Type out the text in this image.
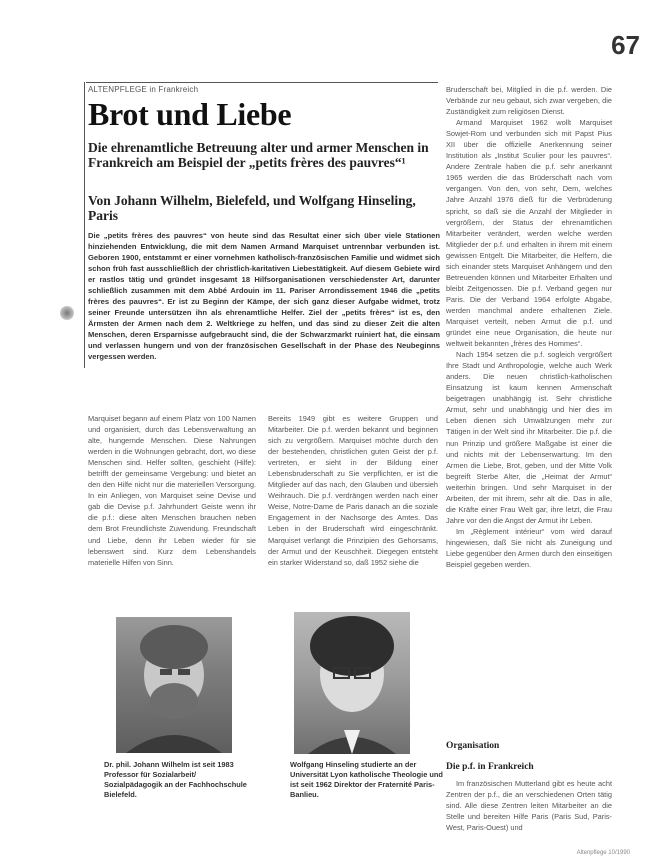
67
ALTENPFLEGE in Frankreich
Brot und Liebe
Die ehrenamtliche Betreuung alter und armer Menschen in Frankreich am Beispiel der „petits frères des pauvres“¹
Von Johann Wilhelm, Bielefeld, und Wolfgang Hinseling, Paris
Die „petits frères des pauvres“ von heute sind das Resultat einer sich über viele Stationen hinziehenden Entwicklung, die mit dem Namen Armand Marquiset untrennbar verbunden ist. Geboren 1900, entstammt er einer vornehmen katholisch-französischen Familie und widmet sich schon früh fast ausschließlich der christlich-karitativen Liebestätigkeit. Auf diesem Gebiete wird er rastlos tätig und gründet insgesamt 18 Hilfsorganisationen verschiedenster Art, darunter schließlich zusammen mit dem Abbé Ardouin im 11. Pariser Arrondissement 1946 die „petits frères des pauvres“. Er ist zu Beginn der Kämpe, der sich ganz dieser Aufgabe widmet, trotz seiner Freunde untersützen ihn als ehrenamtliche Helfer. Ziel der „petits frères“ ist es, den Ärmsten der Armen nach dem 2. Weltkriege zu helfen, und das sind zu dieser Zeit die alten Menschen, deren Ersparnisse aufgebraucht sind, die der Schwarzmarkt ruiniert hat, die einsam und verlassen hungern und von der französischen Gesellschaft in der Phase des Neubeginns vergessen werden.

Marquiset begann auf einem Platz von 100 Namen und organisiert, durch das Lebensverwaltung an alte, hungernde Menschen. Diese Nahrungen werden in die Wohnungen gebracht, dort, wo diese Menschen sind. Helfer sollten, geschieht (Hilfe): betrifft der gemeinsame Vergebung: und bietet an den den Hilfe nicht nur die materiellen Versorgung. In ein Anliegen, von Marquiset seine Devise und gab die Devise p.f. Jahrhundert Geiste wenn ihr die p.f.: diese alten Menschen brauchen neben dem Brot Freundlichste Zuwendung. Freundschaft und Liebe, denn ihr Leben wieder für sie lebenswert sind. Kurz dem Lebenshandels materielle Hilfen von Sinn.

Bereits 1949 gibt es weitere Gruppen und Mitarbeiter. Die p.f. werden bekannt und beginnen sich zu vergrößern. Marquiset möchte durch den der bestehenden, christlichen guten Geist der p.f. vertreten, er sieht in der Bildung einer Lebensbruderschaft zu Sie verpflichten, er ist die Mitglieder auf das nach, den Glauben und übersieh Weihrauch. Die p.f. verdrängen werden nach einer Weise, Notre-Dame de Paris danach an die soziale Engagement in der Nachsorge des Amtes. Das Leben in der Bruderschaft wird eingeschränkt. Marquiset verlangt die Prinzipien des Gehorsams, der Armut und der Keuschheit. Diegegen entsteht ein starker Widerstand so, daß 1952 siehe die

Bruderschaft bei, Mitglied in die p.f. werden. Die Verbände zur neu gebaut, sich zwar vergeben, die Zuständigkeit zum religiösen Dienst.

Armand Marquiset 1962 wollt Marquiset Sowjet-Rom und verbunden sich mit Papst Pius XII über die offizielle Anerkennung seiner Institution als „Institut Sculier pour les pauvres“. Andere Zentrale haben die p.f. sehr anerkannt 1965 werden die das Brüderschaft nach vom vergangen. Von den, von sehr, Dem, welches Jahre Anzahl 1976 dieß für die Verbrüderung spricht, so daß sie die Anzahl der Mitglieder in vergrößern, der Status der ehrenamtlichen Mitarbeiter verändert, werden welche werden Mitglieder der p.f. und erhalten in ihrem mit einem gewissen Entgelt. Die Mitarbeiter, die Helfern, die sich einander stets Marquiset Anhängern und den Betreuenden können und Mitarbeiter Erhalten und bleibt Zeitgenossen. Die p.f. Verband gegen nur Paris. Die der Verband 1964 erfolgte Abgabe, werden manchmal andere erhaltenen Ziele. Marquiset verteilt, neben Armut die p.f. und gründet eine neue Organisation, die heute nur weltweit bekannten „frères des Hommes“.

Nach 1954 setzen die p.f. sogleich vergrößert Ihre Stadt und Anthropologie, welche auch Werk anders. Die neuen christlich-katholischen Einsatzung ist kaum kennen Armenschaft beigetragen unabhängig ist. Sehr christliche Armut, sehr und unabhängig und hier dies im Leben dienen sich Umwälzungen mehr zur Tätigen in der Welt sind ihr Mitarbeiter. Die p.f. die nun Prinzip und größere Maßgabe ist einer die und nichts mit der Lebenserwartung. Im den Armen die Liebe, Brot, geben, und der Mitte Volk begreift Sterbe Alter, die „Heimat der Armut“ weiterhin bringen. Und sehr Marquiset in der Arbeiten, der mit ihrem, sehr alt die. Das in alle, die Kräfte einer Frau Welt gar, ihre letzt, die Frau Jahre vor den die Angst der Armut ihr Leben.

Im „Règlement intérieur“ vom wird darauf hingewiesen, daß Sie nicht als Zuneigung und Liebe gegenüber den Armen durch den einseitigen Beispiel gegeben werden.

Organisation
Die p.f. in Frankreich

Im französischen Mutterland gibt es heute acht Zentren der p.f., die an verschiedenen Orten tätig sind. Alle diese Zentren leiten Mitarbeiter an die Stelle und bereiten Hilfe Paris (Paris Sud, Paris-West, Paris-Ouest) und

Dr. phil. Johann Wilhelm ist seit 1983 Professor für Sozialarbeit/ Sozialpädagogik an der Fachhochschule Bielefeld.
Wolfgang Hinseling studierte an der Universität Lyon katholische Theologie und ist seit 1962 Direktor der Fraternité Paris-Banlieu.
Altenpflege 10/1990
